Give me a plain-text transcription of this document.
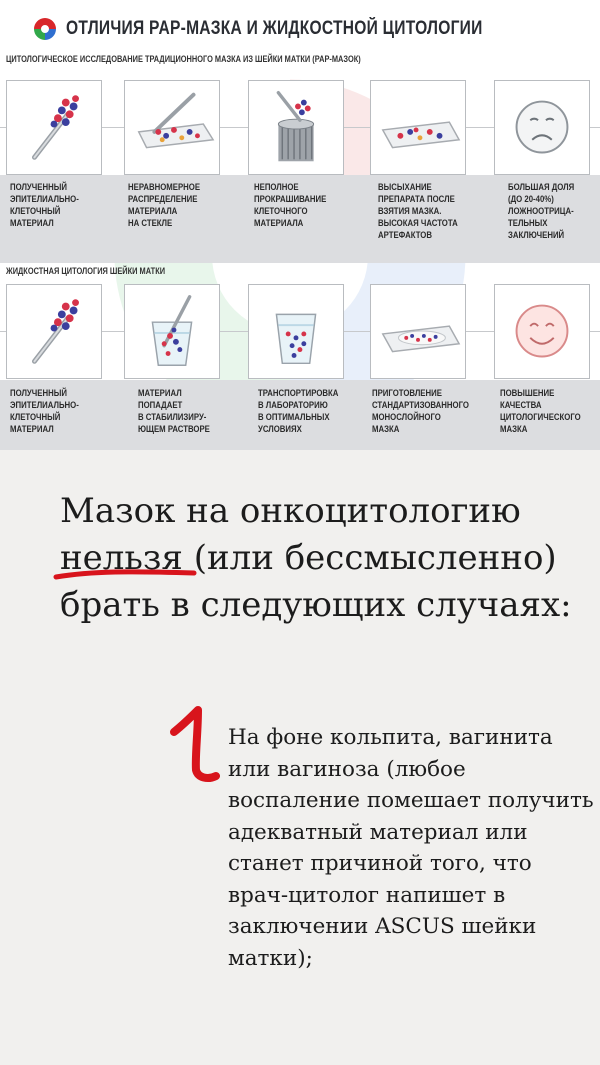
ОТЛИЧИЯ PAP-МАЗКА И ЖИДКОСТНОЙ ЦИТОЛОГИИ
ЦИТОЛОГИЧЕСКОЕ ИССЛЕДОВАНИЕ ТРАДИЦИОННОГО МАЗКА ИЗ ШЕЙКИ МАТКИ (PAP-МАЗОК)
ПОЛУЧЕННЫЙ
ЭПИТЕЛИАЛЬНО-
КЛЕТОЧНЫЙ
МАТЕРИАЛ
НЕРАВНОМЕРНОЕ
РАСПРЕДЕЛЕНИЕ
МАТЕРИАЛА
НА СТЕКЛЕ
НЕПОЛНОЕ
ПРОКРАШИВАНИЕ
КЛЕТОЧНОГО
МАТЕРИАЛА
ВЫСЫХАНИЕ
ПРЕПАРАТА ПОСЛЕ
ВЗЯТИЯ МАЗКА.
ВЫСОКАЯ ЧАСТОТА
АРТЕФАКТОВ
БОЛЬШАЯ ДОЛЯ
(ДО 20-40%)
ЛОЖНООТРИЦА-
ТЕЛЬНЫХ
ЗАКЛЮЧЕНИЙ
ЖИДКОСТНАЯ ЦИТОЛОГИЯ ШЕЙКИ МАТКИ
ПОЛУЧЕННЫЙ
ЭПИТЕЛИАЛЬНО-
КЛЕТОЧНЫЙ
МАТЕРИАЛ
МАТЕРИАЛ
ПОПАДАЕТ
В СТАБИЛИЗИРУ-
ЮЩЕМ РАСТВОРЕ
ТРАНСПОРТИРОВКА
В ЛАБОРАТОРИЮ
В ОПТИМАЛЬНЫХ
УСЛОВИЯХ
ПРИГОТОВЛЕНИЕ
СТАНДАРТИЗОВАННОГО
МОНОСЛОЙНОГО
МАЗКА
ПОВЫШЕНИЕ
КАЧЕСТВА
ЦИТОЛОГИЧЕСКОГО
МАЗКА
Мазок на онкоцитологию нельзя
(или бессмысленно) брать в следующих случаях:

На фоне кольпита, вагинита или вагиноза (любое воспаление помешает получить адекватный материал или станет причиной того, что врач-цитолог напишет в заключении ASCUS шейки матки);
